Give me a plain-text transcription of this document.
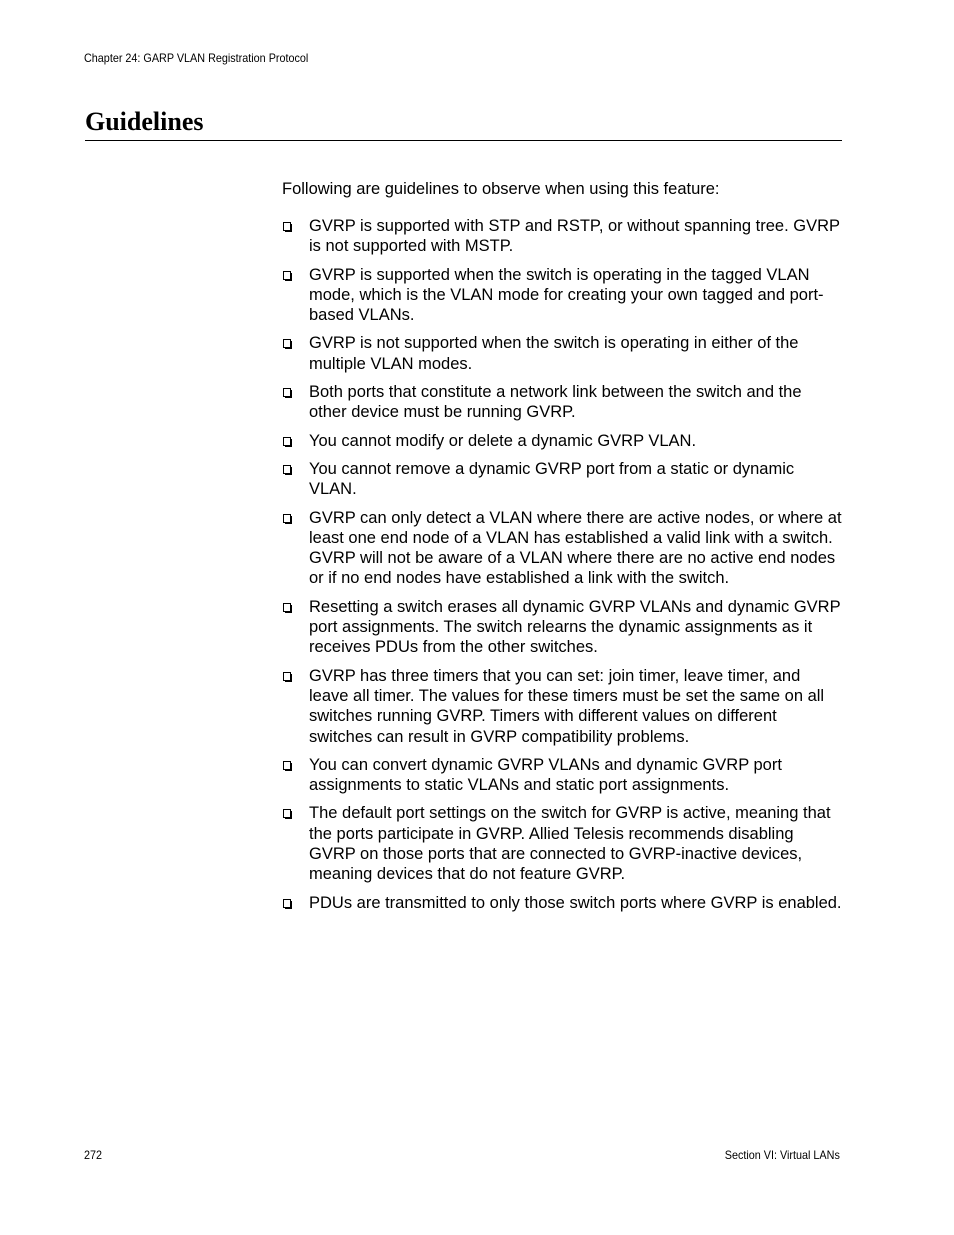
Chapter 24: GARP VLAN Registration Protocol
Guidelines

Following are guidelines to observe when using this feature:

GVRP is supported with STP and RSTP, or without spanning tree. GVRP is not supported with MSTP.
GVRP is supported when the switch is operating in the tagged VLAN mode, which is the VLAN mode for creating your own tagged and port-based VLANs.
GVRP is not supported when the switch is operating in either of the multiple VLAN modes.
Both ports that constitute a network link between the switch and the other device must be running GVRP.
You cannot modify or delete a dynamic GVRP VLAN.
You cannot remove a dynamic GVRP port from a static or dynamic VLAN.
GVRP can only detect a VLAN where there are active nodes, or where at least one end node of a VLAN has established a valid link with a switch. GVRP will not be aware of a VLAN where there are no active end nodes or if no end nodes have established a link with the switch.
Resetting a switch erases all dynamic GVRP VLANs and dynamic GVRP port assignments. The switch relearns the dynamic assignments as it receives PDUs from the other switches.
GVRP has three timers that you can set: join timer, leave timer, and leave all timer. The values for these timers must be set the same on all switches running GVRP. Timers with different values on different switches can result in GVRP compatibility problems.
You can convert dynamic GVRP VLANs and dynamic GVRP port assignments to static VLANs and static port assignments.
The default port settings on the switch for GVRP is active, meaning that the ports participate in GVRP. Allied Telesis recommends disabling GVRP on those ports that are connected to GVRP-inactive devices, meaning devices that do not feature GVRP.
PDUs are transmitted to only those switch ports where GVRP is enabled.
272	Section VI: Virtual LANs
